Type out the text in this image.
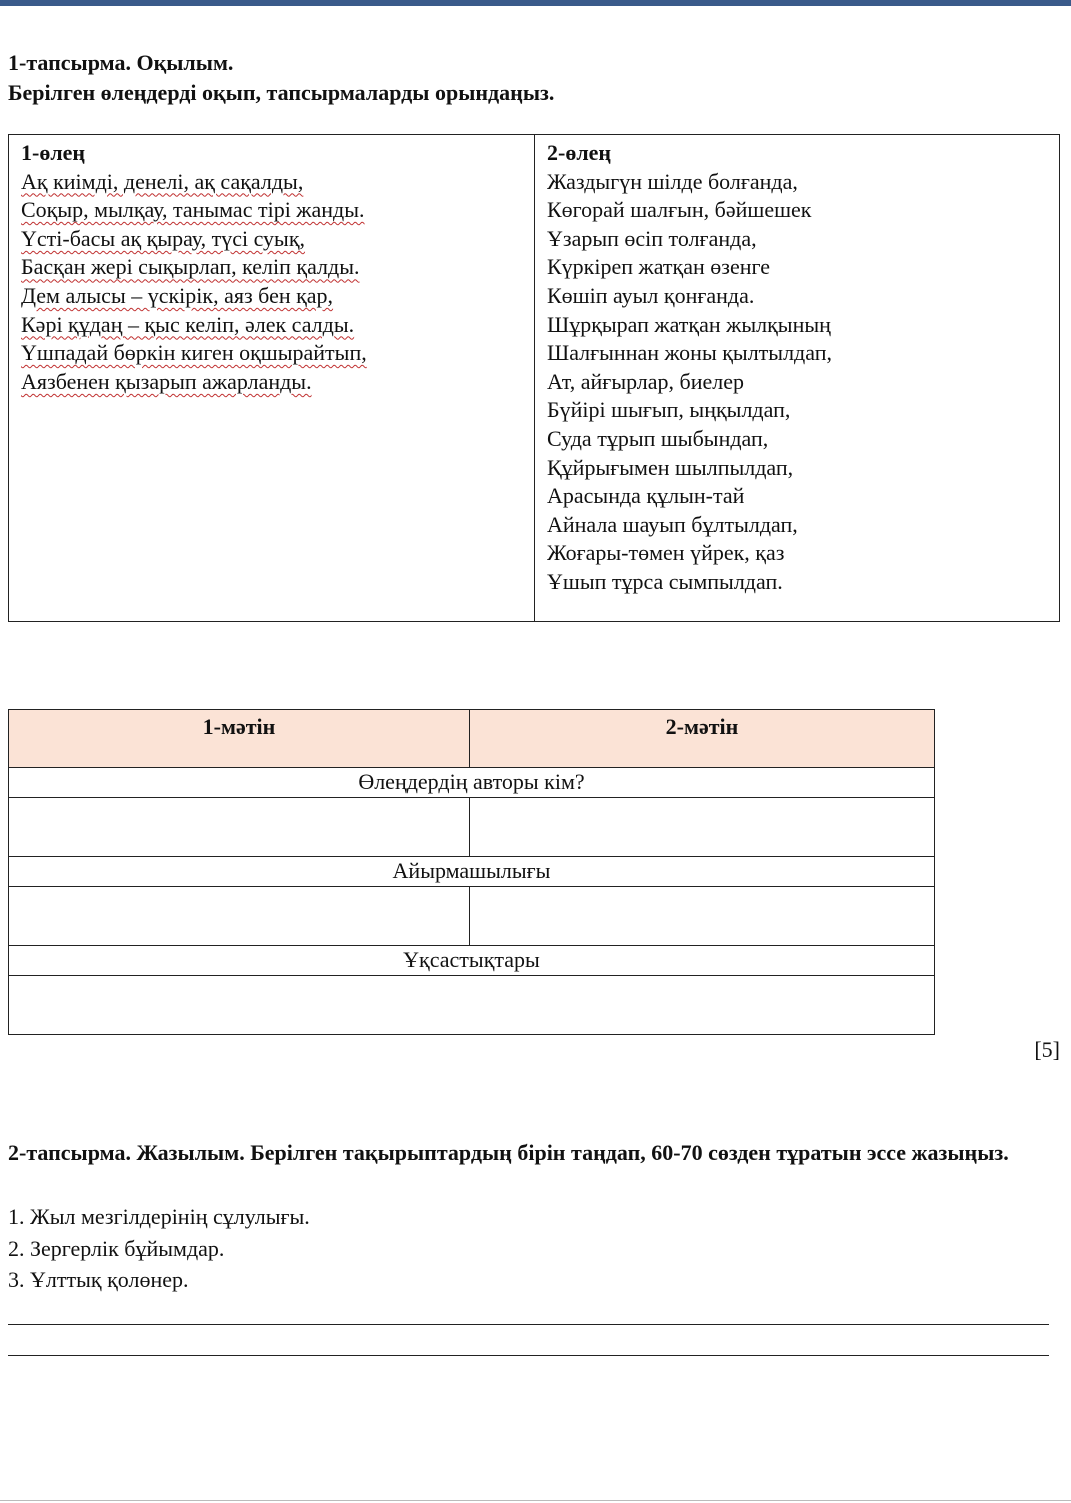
1-тапсырма. Оқылым.
Берілген өлеңдерді оқып, тапсырмаларды орындаңыз.
1-өлең
Ақ киімді, денелі, ақ сақалды,
Соқыр, мылқау, танымас тірі жанды.
Үсті-басы ақ қырау, түсі суық,
Басқан жері сықырлап, келіп қалды.
Дем алысы – үскірік, аяз бен қар,
Кәрі құдаң – қыс келіп, әлек салды.
Үшпадай бөркін киген оқшырайтып,
Аязбенен қызарып ажарланды.
2-өлең
Жаздыгүн шілде болғанда,
Көгорай шалғын, бәйшешек
Ұзарып өсіп толғанда,
Күркіреп жатқан өзенге
Көшіп ауыл қонғанда.
Шұрқырап жатқан жылқының
Шалғыннан жоны қылтылдап,
Ат, айғырлар, биелер
Бүйірі шығып, ыңқылдап,
Суда тұрып шыбындап,
Құйрығымен шылпылдап,
Арасында құлын-тай
Айнала шауып бұлтылдап,
Жоғары-төмен үйрек, қаз
Ұшып тұрса сымпылдап.
1-мәтін	2-мәтін
Өлеңдердің авторы кім?	

Айырмашылығы	

Ұқсастықтары	

[5]
2-тапсырма. Жазылым. Берілген тақырыптардың бірін таңдап, 60-70 сөзден тұратын эссе жазыңыз.
1. Жыл мезгілдерінің сұлулығы.
2. Зергерлік бұйымдар.
3. Ұлттық қолөнер.
